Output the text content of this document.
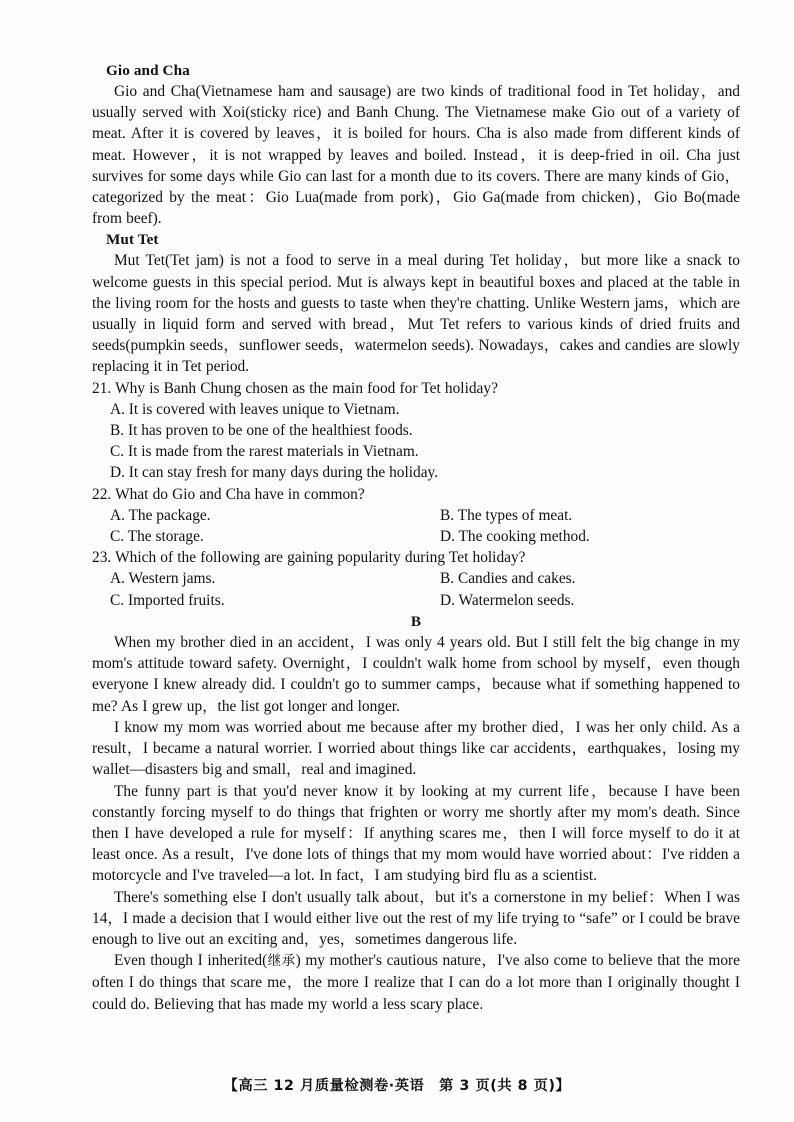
Gio and Cha

Gio and Cha(Vietnamese ham and sausage) are two kinds of traditional food in Tet holiday，and usually served with Xoi(sticky rice) and Banh Chung. The Vietnamese make Gio out of a variety of meat. After it is covered by leaves，it is boiled for hours. Cha is also made from different kinds of meat. However，it is not wrapped by leaves and boiled. Instead，it is deep-fried in oil. Cha just survives for some days while Gio can last for a month due to its covers. There are many kinds of Gio，categorized by the meat：Gio Lua(made from pork)，Gio Ga(made from chicken)，Gio Bo(made from beef).

Mut Tet

Mut Tet(Tet jam) is not a food to serve in a meal during Tet holiday，but more like a snack to welcome guests in this special period. Mut is always kept in beautiful boxes and placed at the table in the living room for the hosts and guests to taste when they're chatting. Unlike Western jams，which are usually in liquid form and served with bread，Mut Tet refers to various kinds of dried fruits and seeds(pumpkin seeds，sunflower seeds，watermelon seeds). Nowadays，cakes and candies are slowly replacing it in Tet period.

21. Why is Banh Chung chosen as the main food for Tet holiday?
A. It is covered with leaves unique to Vietnam.
B. It has proven to be one of the healthiest foods.
C. It is made from the rarest materials in Vietnam.
D. It can stay fresh for many days during the holiday.
22. What do Gio and Cha have in common?
A. The package.	B. The types of meat.
C. The storage.	D. The cooking method.
23. Which of the following are gaining popularity during Tet holiday?
A. Western jams.	B. Candies and cakes.
C. Imported fruits.	D. Watermelon seeds.
B

When my brother died in an accident，I was only 4 years old. But I still felt the big change in my mom's attitude toward safety. Overnight，I couldn't walk home from school by myself，even though everyone I knew already did. I couldn't go to summer camps，because what if something happened to me? As I grew up，the list got longer and longer.

I know my mom was worried about me because after my brother died，I was her only child. As a result，I became a natural worrier. I worried about things like car accidents，earthquakes，losing my wallet—disasters big and small，real and imagined.

The funny part is that you'd never know it by looking at my current life，because I have been constantly forcing myself to do things that frighten or worry me shortly after my mom's death. Since then I have developed a rule for myself：If anything scares me，then I will force myself to do it at least once. As a result，I've done lots of things that my mom would have worried about：I've ridden a motorcycle and I've traveled—a lot. In fact，I am studying bird flu as a scientist.

There's something else I don't usually talk about，but it's a cornerstone in my belief：When I was 14，I made a decision that I would either live out the rest of my life trying to “safe” or I could be brave enough to live out an exciting and，yes，sometimes dangerous life.

Even though I inherited(继承) my mother's cautious nature，I've also come to believe that the more often I do things that scare me，the more I realize that I can do a lot more than I originally thought I could do. Believing that has made my world a less scary place.

【高三 12 月质量检测卷·英语　第 3 页(共 8 页)】
